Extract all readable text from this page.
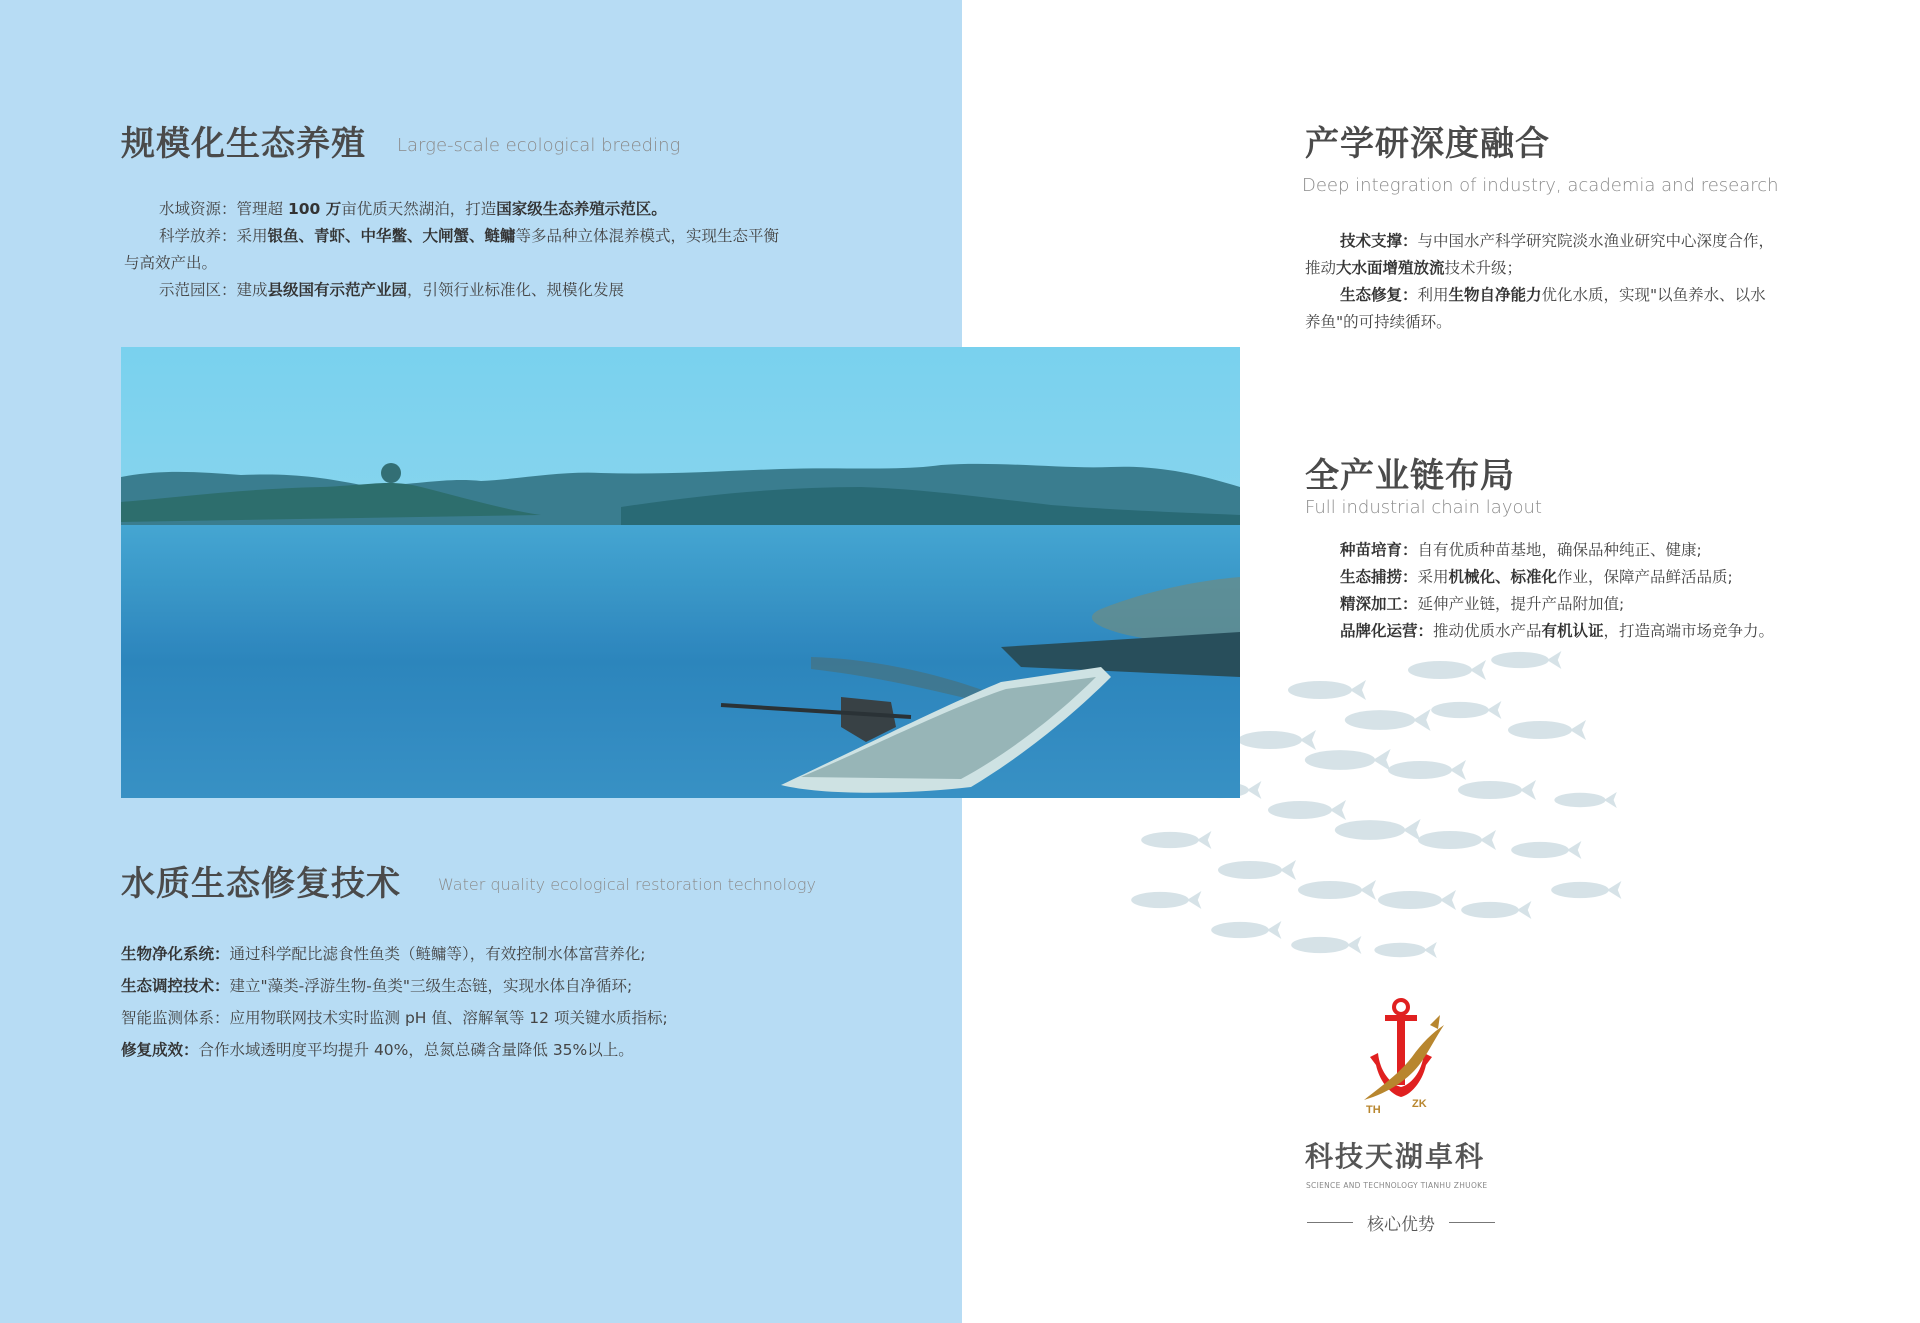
规模化生态养殖 Large-scale ecological breeding
水域资源：管理超 100 万亩优质天然湖泊，打造国家级生态养殖示范区。
科学放养：采用银鱼、青虾、中华鳖、大闸蟹、鲢鳙等多品种立体混养模式，实现生态平衡
与高效产出。
示范园区：建成县级国有示范产业园，引领行业标准化、规模化发展
水质生态修复技术 Water quality ecological restoration technology
生物净化系统：通过科学配比滤食性鱼类（鲢鳙等），有效控制水体富营养化;
生态调控技术：建立"藻类-浮游生物-鱼类"三级生态链，实现水体自净循环;
智能监测体系：应用物联网技术实时监测 pH 值、溶解氧等 12 项关键水质指标;
修复成效：合作水域透明度平均提升 40%，总氮总磷含量降低 35%以上。
产学研深度融合
Deep integration of industry, academia and research
技术支撑：与中国水产科学研究院淡水渔业研究中心深度合作，
推动大水面增殖放流技术升级；
生态修复：利用生物自净能力优化水质，实现"以鱼养水、以水
养鱼"的可持续循环。
全产业链布局
Full industrial chain layout
种苗培育：自有优质种苗基地，确保品种纯正、健康;
生态捕捞：采用机械化、标准化作业，保障产品鲜活品质;
精深加工：延伸产业链，提升产品附加值;
品牌化运营：推动优质水产品有机认证，打造高端市场竞争力。
TH	ZK
科技天湖卓科
SCIENCE AND TECHNOLOGY TIANHU ZHUOKE
核心优势
